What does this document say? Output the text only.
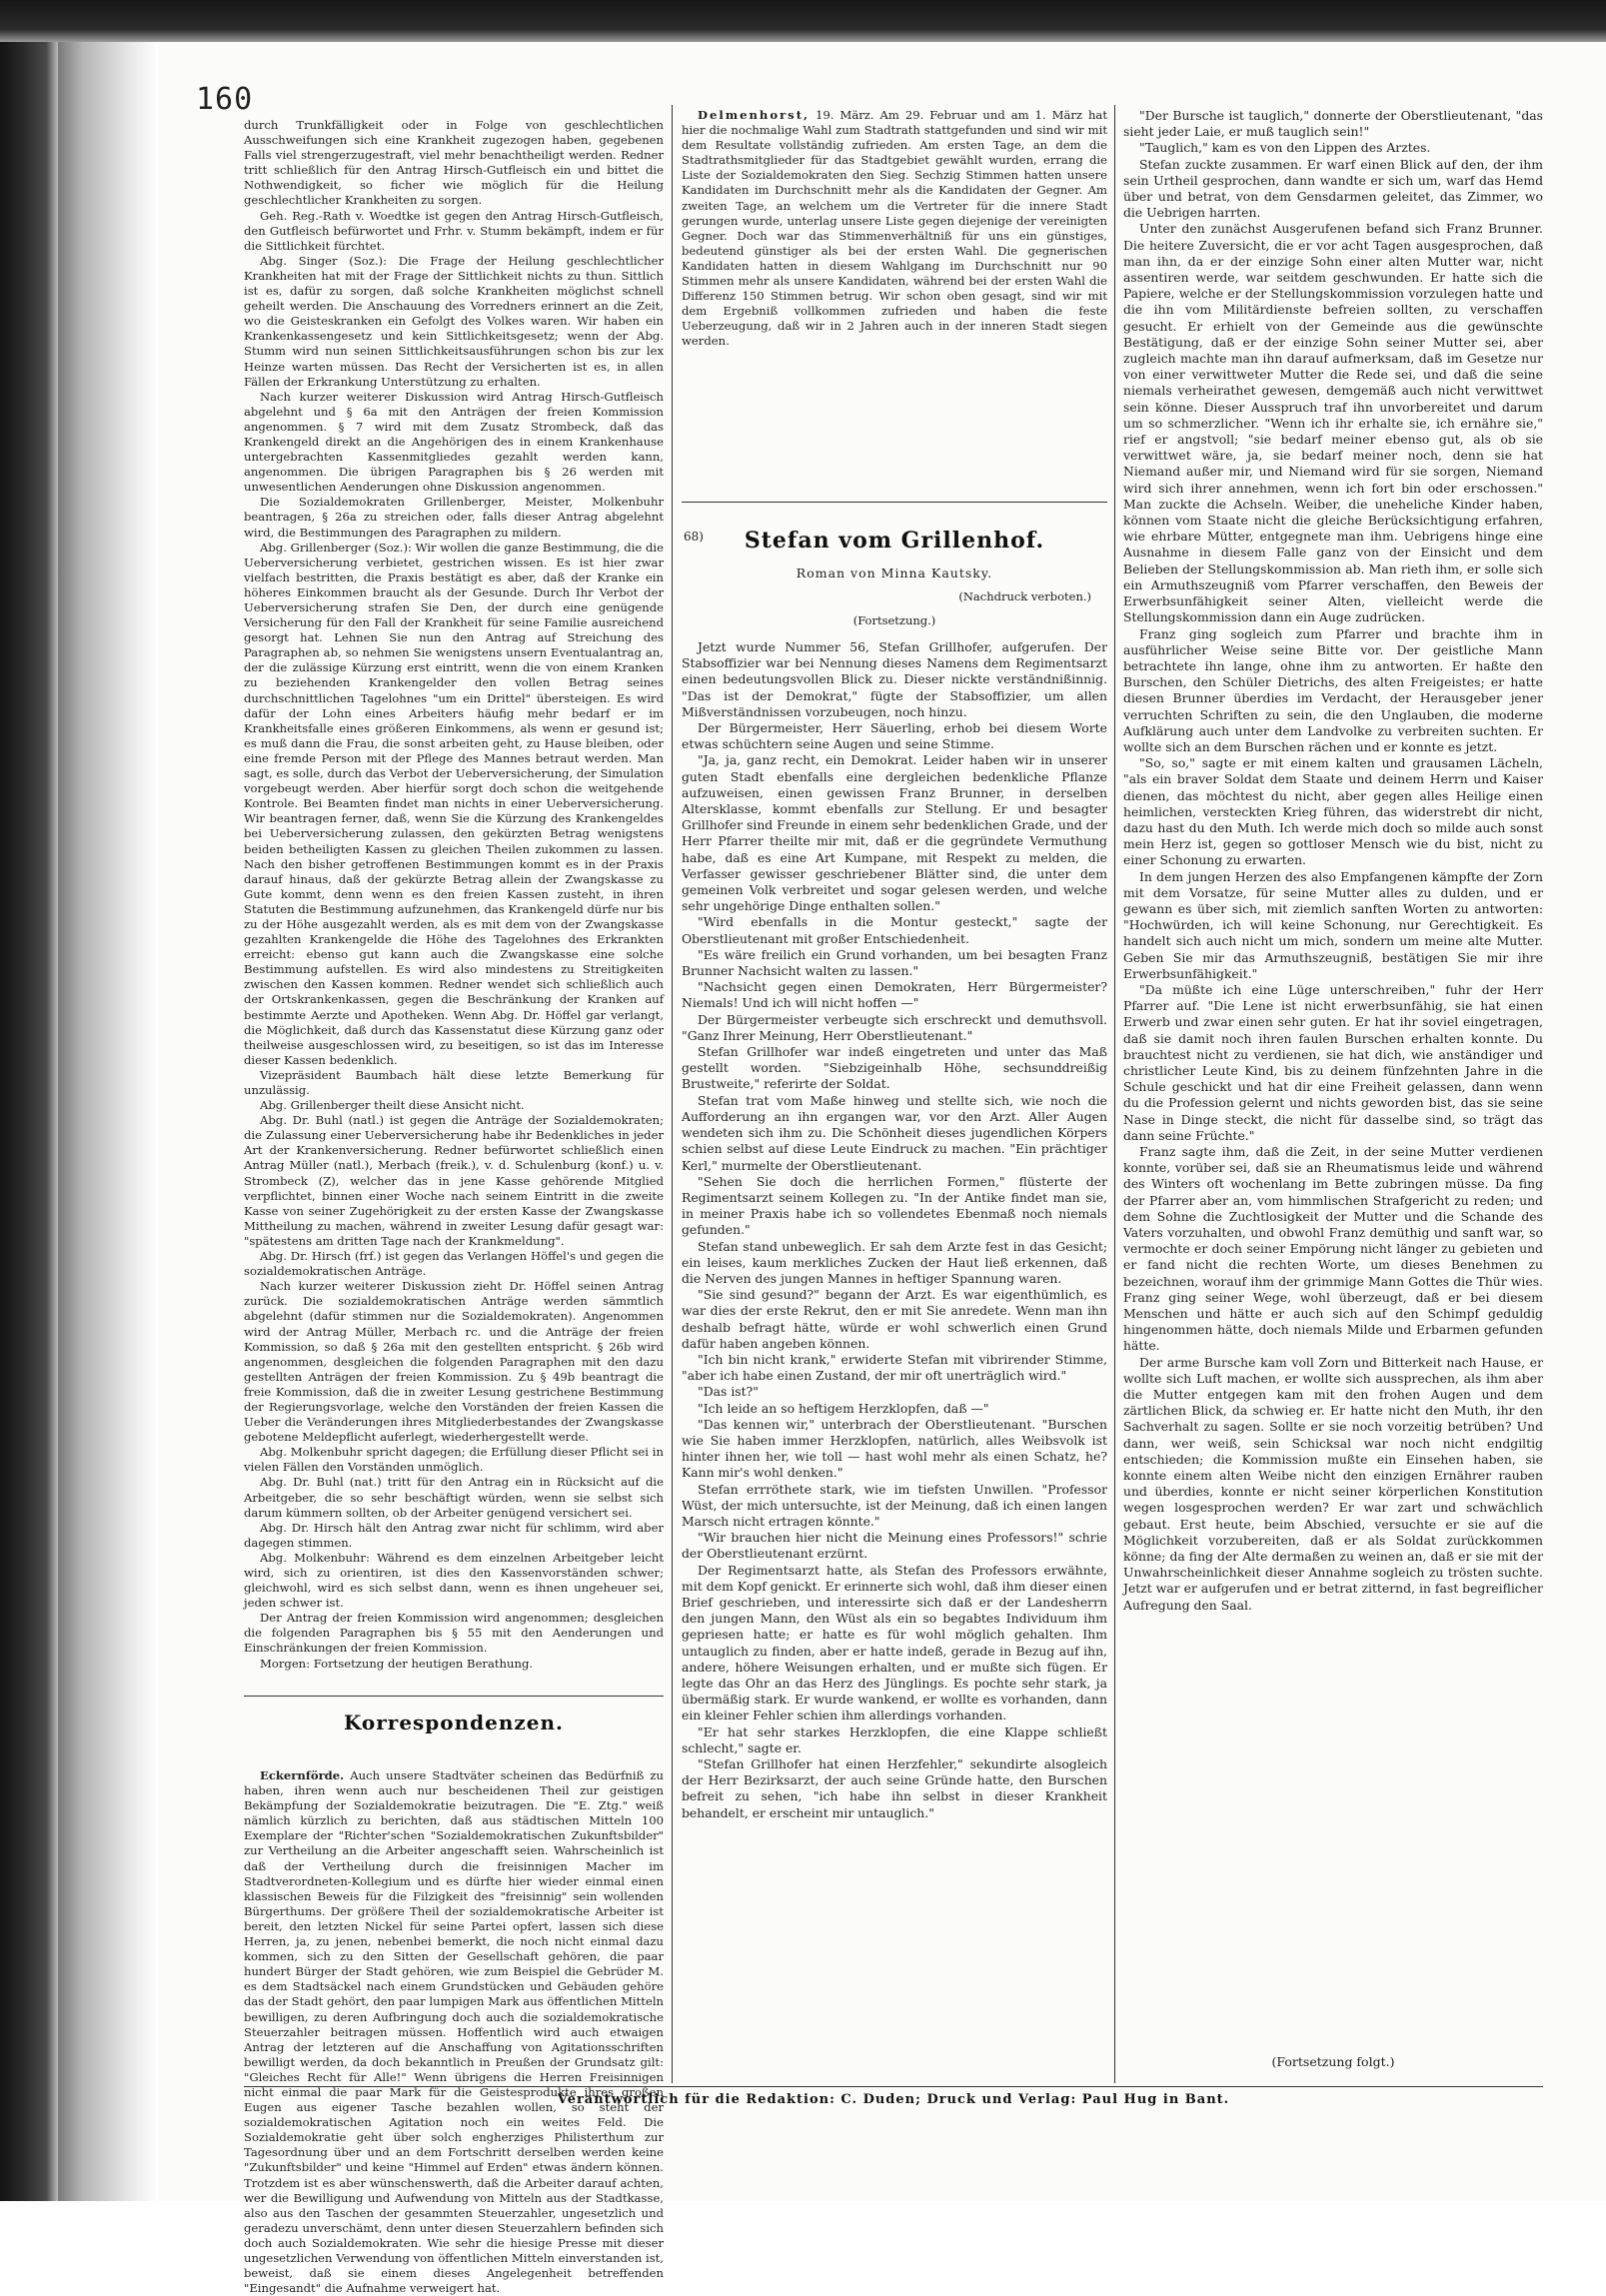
160

durch Trunkfälligkeit oder in Folge von geschlechtlichen Ausschweifungen sich eine Krankheit zugezogen haben, gegebenen Falls viel strengerzugestraft, viel mehr benachtheiligt werden. Redner tritt schließlich für den Antrag Hirsch-Gutfleisch ein und bittet die Nothwendigkeit, so ficher wie möglich für die Heilung geschlechtlicher Krankheiten zu sorgen.

Geh. Reg.-Rath v. Woedtke ist gegen den Antrag Hirsch-Gutfleisch, den Gutfleisch befürwortet und Frhr. v. Stumm bekämpft, indem er für die Sittlichkeit fürchtet.

Abg. Singer (Soz.): Die Frage der Heilung geschlechtlicher Krankheiten hat mit der Frage der Sittlichkeit nichts zu thun. Sittlich ist es, dafür zu sorgen, daß solche Krankheiten möglichst schnell geheilt werden. Die Anschauung des Vorredners erinnert an die Zeit, wo die Geisteskranken ein Gefolgt des Volkes waren. Wir haben ein Krankenkassengesetz und kein Sittlichkeitsgesetz; wenn der Abg. Stumm wird nun seinen Sittlichkeitsausführungen schon bis zur lex Heinze warten müssen. Das Recht der Versicherten ist es, in allen Fällen der Erkrankung Unterstützung zu erhalten.

Nach kurzer weiterer Diskussion wird Antrag Hirsch-Gutfleisch abgelehnt und § 6a mit den Anträgen der freien Kommission angenommen. § 7 wird mit dem Zusatz Strombeck, daß das Krankengeld direkt an die Angehörigen des in einem Krankenhause untergebrachten Kassenmitgliedes gezahlt werden kann, angenommen. Die übrigen Paragraphen bis § 26 werden mit unwesentlichen Aenderungen ohne Diskussion angenommen.

Die Sozialdemokraten Grillenberger, Meister, Molkenbuhr beantragen, § 26a zu streichen oder, falls dieser Antrag abgelehnt wird, die Bestimmungen des Paragraphen zu mildern.

Abg. Grillenberger (Soz.): Wir wollen die ganze Bestimmung, die die Ueberversicherung verbietet, gestrichen wissen. Es ist hier zwar vielfach bestritten, die Praxis bestätigt es aber, daß der Kranke ein höheres Einkommen braucht als der Gesunde. Durch Ihr Verbot der Ueberversicherung strafen Sie Den, der durch eine genügende Versicherung für den Fall der Krankheit für seine Familie ausreichend gesorgt hat. Lehnen Sie nun den Antrag auf Streichung des Paragraphen ab, so nehmen Sie wenigstens unsern Eventualantrag an, der die zulässige Kürzung erst eintritt, wenn die von einem Kranken zu beziehenden Krankengelder den vollen Betrag seines durchschnittlichen Tagelohnes "um ein Drittel" übersteigen. Es wird dafür der Lohn eines Arbeiters häufig mehr bedarf er im Krankheitsfalle eines größeren Einkommens, als wenn er gesund ist; es muß dann die Frau, die sonst arbeiten geht, zu Hause bleiben, oder eine fremde Person mit der Pflege des Mannes betraut werden. Man sagt, es solle, durch das Verbot der Ueberversicherung, der Simulation vorgebeugt werden. Aber hierfür sorgt doch schon die weitgehende Kontrole. Bei Beamten findet man nichts in einer Ueberversicherung. Wir beantragen ferner, daß, wenn Sie die Kürzung des Krankengeldes bei Ueberversicherung zulassen, den gekürzten Betrag wenigstens beiden betheiligten Kassen zu gleichen Theilen zukommen zu lassen. Nach den bisher getroffenen Bestimmungen kommt es in der Praxis darauf hinaus, daß der gekürzte Betrag allein der Zwangskasse zu Gute kommt, denn wenn es den freien Kassen zusteht, in ihren Statuten die Bestimmung aufzunehmen, das Krankengeld dürfe nur bis zu der Höhe ausgezahlt werden, als es mit dem von der Zwangskasse gezahlten Krankengelde die Höhe des Tagelohnes des Erkrankten erreicht: ebenso gut kann auch die Zwangskasse eine solche Bestimmung aufstellen. Es wird also mindestens zu Streitigkeiten zwischen den Kassen kommen. Redner wendet sich schließlich auch der Ortskrankenkassen, gegen die Beschränkung der Kranken auf bestimmte Aerzte und Apotheken. Wenn Abg. Dr. Höffel gar verlangt, die Möglichkeit, daß durch das Kassenstatut diese Kürzung ganz oder theilweise ausgeschlossen wird, zu beseitigen, so ist das im Interesse dieser Kassen bedenklich.

Vizepräsident Baumbach hält diese letzte Bemerkung für unzulässig.

Abg. Grillenberger theilt diese Ansicht nicht.

Abg. Dr. Buhl (natl.) ist gegen die Anträge der Sozialdemokraten; die Zulassung einer Ueberversicherung habe ihr Bedenkliches in jeder Art der Krankenversicherung. Redner befürwortet schließlich einen Antrag Müller (natl.), Merbach (freik.), v. d. Schulenburg (konf.) u. v. Strombeck (Z), welcher das in jene Kasse gehörende Mitglied verpflichtet, binnen einer Woche nach seinem Eintritt in die zweite Kasse von seiner Zugehörigkeit zu der ersten Kasse der Zwangskasse Mittheilung zu machen, während in zweiter Lesung dafür gesagt war: "spätestens am dritten Tage nach der Krankmeldung".

Abg. Dr. Hirsch (frf.) ist gegen das Verlangen Höffel's und gegen die sozialdemokratischen Anträge.

Nach kurzer weiterer Diskussion zieht Dr. Höffel seinen Antrag zurück. Die sozialdemokratischen Anträge werden sämmtlich abgelehnt (dafür stimmen nur die Sozialdemokraten). Angenommen wird der Antrag Müller, Merbach rc. und die Anträge der freien Kommission, so daß § 26a mit den gestellten entspricht. § 26b wird angenommen, desgleichen die folgenden Paragraphen mit den dazu gestellten Anträgen der freien Kommission. Zu § 49b beantragt die freie Kommission, daß die in zweiter Lesung gestrichene Bestimmung der Regierungsvorlage, welche den Vorständen der freien Kassen die Ueber die Veränderungen ihres Mitgliederbestandes der Zwangskasse gebotene Meldepflicht auferlegt, wiederhergestellt werde.

Abg. Molkenbuhr spricht dagegen; die Erfüllung dieser Pflicht sei in vielen Fällen den Vorständen unmöglich.

Abg. Dr. Buhl (nat.) tritt für den Antrag ein in Rücksicht auf die Arbeitgeber, die so sehr beschäftigt würden, wenn sie selbst sich darum kümmern sollten, ob der Arbeiter genügend versichert sei.

Abg. Dr. Hirsch hält den Antrag zwar nicht für schlimm, wird aber dagegen stimmen.

Abg. Molkenbuhr: Während es dem einzelnen Arbeitgeber leicht wird, sich zu orientiren, ist dies den Kassenvorständen schwer; gleichwohl, wird es sich selbst dann, wenn es ihnen ungeheuer sei, jeden schwer ist.

Der Antrag der freien Kommission wird angenommen; desgleichen die folgenden Paragraphen bis § 55 mit den Aenderungen und Einschränkungen der freien Kommission.

Morgen: Fortsetzung der heutigen Berathung.

Korrespondenzen.

Eckernförde. Auch unsere Stadtväter scheinen das Bedürfniß zu haben, ihren wenn auch nur bescheidenen Theil zur geistigen Bekämpfung der Sozialdemokratie beizutragen. Die "E. Ztg." weiß nämlich kürzlich zu berichten, daß aus städtischen Mitteln 100 Exemplare der "Richter'schen "Sozialdemokratischen Zukunftsbilder" zur Vertheilung an die Arbeiter angeschafft seien. Wahrscheinlich ist daß der Vertheilung durch die freisinnigen Macher im Stadtverordneten-Kollegium und es dürfte hier wieder einmal einen klassischen Beweis für die Filzigkeit des "freisinnig" sein wollenden Bürgerthums. Der größere Theil der sozialdemokratische Arbeiter ist bereit, den letzten Nickel für seine Partei opfert, lassen sich diese Herren, ja, zu jenen, nebenbei bemerkt, die noch nicht einmal dazu kommen, sich zu den Sitten der Gesellschaft gehören, die paar hundert Bürger der Stadt gehören, wie zum Beispiel die Gebrüder M. es dem Stadtsäckel nach einem Grundstücken und Gebäuden gehöre das der Stadt gehört, den paar lumpigen Mark aus öffentlichen Mitteln bewilligen, zu deren Aufbringung doch auch die sozialdemokratische Steuerzahler beitragen müssen. Hoffentlich wird auch etwaigen Antrag der letzteren auf die Anschaffung von Agitationsschriften bewilligt werden, da doch bekanntlich in Preußen der Grundsatz gilt: "Gleiches Recht für Alle!" Wenn übrigens die Herren Freisinnigen nicht einmal die paar Mark für die Geistesprodukte ihres großen Eugen aus eigener Tasche bezahlen wollen, so steht der sozialdemokratischen Agitation noch ein weites Feld. Die Sozialdemokratie geht über solch engherziges Philisterthum zur Tagesordnung über und an dem Fortschritt derselben werden keine "Zukunftsbilder" und keine "Himmel auf Erden" etwas ändern können. Trotzdem ist es aber wünschenswerth, daß die Arbeiter darauf achten, wer die Bewilligung und Aufwendung von Mitteln aus der Stadtkasse, also aus den Taschen der gesammten Steuerzahler, ungesetzlich und geradezu unverschämt, denn unter diesen Steuerzahlern befinden sich doch auch Sozialdemokraten. Wie sehr die hiesige Presse mit dieser ungesetzlichen Verwendung von öffentlichen Mitteln einverstanden ist, beweist, daß sie einem dieses Angelegenheit betreffenden "Eingesandt" die Aufnahme verweigert hat.

Delmenhorst, 19. März. Am 29. Februar und am 1. März hat hier die nochmalige Wahl zum Stadtrath stattgefunden und sind wir mit dem Resultate vollständig zufrieden. Am ersten Tage, an dem die Stadtrathsmitglieder für das Stadtgebiet gewählt wurden, errang die Liste der Sozialdemokraten den Sieg. Sechzig Stimmen hatten unsere Kandidaten im Durchschnitt mehr als die Kandidaten der Gegner. Am zweiten Tage, an welchem um die Vertreter für die innere Stadt gerungen wurde, unterlag unsere Liste gegen diejenige der vereinigten Gegner. Doch war das Stimmenverhältniß für uns ein günstiges, bedeutend günstiger als bei der ersten Wahl. Die gegnerischen Kandidaten hatten in diesem Wahlgang im Durchschnitt nur 90 Stimmen mehr als unsere Kandidaten, während bei der ersten Wahl die Differenz 150 Stimmen betrug. Wir schon oben gesagt, sind wir mit dem Ergebniß vollkommen zufrieden und haben die feste Ueberzeugung, daß wir in 2 Jahren auch in der inneren Stadt siegen werden.

68)	Stefan vom Grillenhof.
Roman von Minna Kautsky.
(Nachdruck verboten.)
(Fortsetzung.)

Jetzt wurde Nummer 56, Stefan Grillhofer, aufgerufen. Der Stabsoffizier war bei Nennung dieses Namens dem Regimentsarzt einen bedeutungsvollen Blick zu. Dieser nickte verständnißinnig. "Das ist der Demokrat," fügte der Stabsoffizier, um allen Mißverständnissen vorzubeugen, noch hinzu.

Der Bürgermeister, Herr Säuerling, erhob bei diesem Worte etwas schüchtern seine Augen und seine Stimme.

"Ja, ja, ganz recht, ein Demokrat. Leider haben wir in unserer guten Stadt ebenfalls eine dergleichen bedenkliche Pflanze aufzuweisen, einen gewissen Franz Brunner, in derselben Altersklasse, kommt ebenfalls zur Stellung. Er und besagter Grillhofer sind Freunde in einem sehr bedenklichen Grade, und der Herr Pfarrer theilte mir mit, daß er die gegründete Vermuthung habe, daß es eine Art Kumpane, mit Respekt zu melden, die Verfasser gewisser geschriebener Blätter sind, die unter dem gemeinen Volk verbreitet und sogar gelesen werden, und welche sehr ungehörige Dinge enthalten sollen."

"Wird ebenfalls in die Montur gesteckt," sagte der Oberstlieutenant mit großer Entschiedenheit.

"Es wäre freilich ein Grund vorhanden, um bei besagten Franz Brunner Nachsicht walten zu lassen."

"Nachsicht gegen einen Demokraten, Herr Bürgermeister? Niemals! Und ich will nicht hoffen —"

Der Bürgermeister verbeugte sich erschreckt und demuthsvoll. "Ganz Ihrer Meinung, Herr Oberstlieutenant."

Stefan Grillhofer war indeß eingetreten und unter das Maß gestellt worden. "Siebzigeinhalb Höhe, sechsunddreißig Brustweite," referirte der Soldat.

Stefan trat vom Maße hinweg und stellte sich, wie noch die Aufforderung an ihn ergangen war, vor den Arzt. Aller Augen wendeten sich ihm zu. Die Schönheit dieses jugendlichen Körpers schien selbst auf diese Leute Eindruck zu machen. "Ein prächtiger Kerl," murmelte der Oberstlieutenant.

"Sehen Sie doch die herrlichen Formen," flüsterte der Regimentsarzt seinem Kollegen zu. "In der Antike findet man sie, in meiner Praxis habe ich so vollendetes Ebenmaß noch niemals gefunden."

Stefan stand unbeweglich. Er sah dem Arzte fest in das Gesicht; ein leises, kaum merkliches Zucken der Haut ließ erkennen, daß die Nerven des jungen Mannes in heftiger Spannung waren.

"Sie sind gesund?" begann der Arzt. Es war eigenthümlich, es war dies der erste Rekrut, den er mit Sie anredete. Wenn man ihn deshalb befragt hätte, würde er wohl schwerlich einen Grund dafür haben angeben können.

"Ich bin nicht krank," erwiderte Stefan mit vibrirender Stimme, "aber ich habe einen Zustand, der mir oft unerträglich wird."

"Das ist?"

"Ich leide an so heftigem Herzklopfen, daß —"

"Das kennen wir," unterbrach der Oberstlieutenant. "Burschen wie Sie haben immer Herzklopfen, natürlich, alles Weibsvolk ist hinter ihnen her, wie toll — hast wohl mehr als einen Schatz, he? Kann mir's wohl denken."

Stefan errröthete stark, wie im tiefsten Unwillen. "Professor Wüst, der mich untersuchte, ist der Meinung, daß ich einen langen Marsch nicht ertragen könnte."

"Wir brauchen hier nicht die Meinung eines Professors!" schrie der Oberstlieutenant erzürnt.

Der Regimentsarzt hatte, als Stefan des Professors erwähnte, mit dem Kopf genickt. Er erinnerte sich wohl, daß ihm dieser einen Brief geschrieben, und interessirte sich daß er der Landesherrn den jungen Mann, den Wüst als ein so begabtes Individuum ihm gepriesen hatte; er hatte es für wohl möglich gehalten. Ihm untauglich zu finden, aber er hatte indeß, gerade in Bezug auf ihn, andere, höhere Weisungen erhalten, und er mußte sich fügen. Er legte das Ohr an das Herz des Jünglings. Es pochte sehr stark, ja übermäßig stark. Er wurde wankend, er wollte es vorhanden, dann ein kleiner Fehler schien ihm allerdings vorhanden.

"Er hat sehr starkes Herzklopfen, die eine Klappe schließt schlecht," sagte er.

"Stefan Grillhofer hat einen Herzfehler," sekundirte alsogleich der Herr Bezirksarzt, der auch seine Gründe hatte, den Burschen befreit zu sehen, "ich habe ihn selbst in dieser Krankheit behandelt, er erscheint mir untauglich."

"Der Bursche ist tauglich," donnerte der Oberstlieutenant, "das sieht jeder Laie, er muß tauglich sein!"

"Tauglich," kam es von den Lippen des Arztes.

Stefan zuckte zusammen. Er warf einen Blick auf den, der ihm sein Urtheil gesprochen, dann wandte er sich um, warf das Hemd über und betrat, von dem Gensdarmen geleitet, das Zimmer, wo die Uebrigen harrten.

Unter den zunächst Ausgerufenen befand sich Franz Brunner. Die heitere Zuversicht, die er vor acht Tagen ausgesprochen, daß man ihn, da er der einzige Sohn einer alten Mutter war, nicht assentiren werde, war seitdem geschwunden. Er hatte sich die Papiere, welche er der Stellungskommission vorzulegen hatte und die ihn vom Militärdienste befreien sollten, zu verschaffen gesucht. Er erhielt von der Gemeinde aus die gewünschte Bestätigung, daß er der einzige Sohn seiner Mutter sei, aber zugleich machte man ihn darauf aufmerksam, daß im Gesetze nur von einer verwittweter Mutter die Rede sei, und daß die seine niemals verheirathet gewesen, demgemäß auch nicht verwittwet sein könne. Dieser Ausspruch traf ihn unvorbereitet und darum um so schmerzlicher. "Wenn ich ihr erhalte sie, ich ernähre sie," rief er angstvoll; "sie bedarf meiner ebenso gut, als ob sie verwittwet wäre, ja, sie bedarf meiner noch, denn sie hat Niemand außer mir, und Niemand wird für sie sorgen, Niemand wird sich ihrer annehmen, wenn ich fort bin oder erschossen." Man zuckte die Achseln. Weiber, die uneheliche Kinder haben, können vom Staate nicht die gleiche Berücksichtigung erfahren, wie ehrbare Mütter, entgegnete man ihm. Uebrigens hinge eine Ausnahme in diesem Falle ganz von der Einsicht und dem Belieben der Stellungskommission ab. Man rieth ihm, er solle sich ein Armuthszeugniß vom Pfarrer verschaffen, den Beweis der Erwerbsunfähigkeit seiner Alten, vielleicht werde die Stellungskommission dann ein Auge zudrücken.

Franz ging sogleich zum Pfarrer und brachte ihm in ausführlicher Weise seine Bitte vor. Der geistliche Mann betrachtete ihn lange, ohne ihm zu antworten. Er haßte den Burschen, den Schüler Dietrichs, des alten Freigeistes; er hatte diesen Brunner überdies im Verdacht, der Herausgeber jener verruchten Schriften zu sein, die den Unglauben, die moderne Aufklärung auch unter dem Landvolke zu verbreiten suchten. Er wollte sich an dem Burschen rächen und er konnte es jetzt.

"So, so," sagte er mit einem kalten und grausamen Lächeln, "als ein braver Soldat dem Staate und deinem Herrn und Kaiser dienen, das möchtest du nicht, aber gegen alles Heilige einen heimlichen, versteckten Krieg führen, das widerstrebt dir nicht, dazu hast du den Muth. Ich werde mich doch so milde auch sonst mein Herz ist, gegen so gottloser Mensch wie du bist, nicht zu einer Schonung zu erwarten.

In dem jungen Herzen des also Empfangenen kämpfte der Zorn mit dem Vorsatze, für seine Mutter alles zu dulden, und er gewann es über sich, mit ziemlich sanften Worten zu antworten: "Hochwürden, ich will keine Schonung, nur Gerechtigkeit. Es handelt sich auch nicht um mich, sondern um meine alte Mutter. Geben Sie mir das Armuthszeugniß, bestätigen Sie mir ihre Erwerbsunfähigkeit."

"Da müßte ich eine Lüge unterschreiben," fuhr der Herr Pfarrer auf. "Die Lene ist nicht erwerbsunfähig, sie hat einen Erwerb und zwar einen sehr guten. Er hat ihr soviel eingetragen, daß sie damit noch ihren faulen Burschen erhalten konnte. Du brauchtest nicht zu verdienen, sie hat dich, wie anständiger und christlicher Leute Kind, bis zu deinem fünfzehnten Jahre in die Schule geschickt und hat dir eine Freiheit gelassen, dann wenn du die Profession gelernt und nichts geworden bist, das sie seine Nase in Dinge steckt, die nicht für dasselbe sind, so trägt das dann seine Früchte."

Franz sagte ihm, daß die Zeit, in der seine Mutter verdienen konnte, vorüber sei, daß sie an Rheumatismus leide und während des Winters oft wochenlang im Bette zubringen müsse. Da fing der Pfarrer aber an, vom himmlischen Strafgericht zu reden; und dem Sohne die Zuchtlosigkeit der Mutter und die Schande des Vaters vorzuhalten, und obwohl Franz demüthig und sanft war, so vermochte er doch seiner Empörung nicht länger zu gebieten und er fand nicht die rechten Worte, um dieses Benehmen zu bezeichnen, worauf ihm der grimmige Mann Gottes die Thür wies. Franz ging seiner Wege, wohl überzeugt, daß er bei diesem Menschen und hätte er auch sich auf den Schimpf geduldig hingenommen hätte, doch niemals Milde und Erbarmen gefunden hätte.

Der arme Bursche kam voll Zorn und Bitterkeit nach Hause, er wollte sich Luft machen, er wollte sich aussprechen, als ihm aber die Mutter entgegen kam mit den frohen Augen und dem zärtlichen Blick, da schwieg er. Er hatte nicht den Muth, ihr den Sachverhalt zu sagen. Sollte er sie noch vorzeitig betrüben? Und dann, wer weiß, sein Schicksal war noch nicht endgiltig entschieden; die Kommission mußte ein Einsehen haben, sie konnte einem alten Weibe nicht den einzigen Ernährer rauben und überdies, konnte er nicht seiner körperlichen Konstitution wegen losgesprochen werden? Er war zart und schwächlich gebaut. Erst heute, beim Abschied, versuchte er sie auf die Möglichkeit vorzubereiten, daß er als Soldat zurückkommen könne; da fing der Alte dermaßen zu weinen an, daß er sie mit der Unwahrscheinlichkeit dieser Annahme sogleich zu trösten suchte. Jetzt war er aufgerufen und er betrat zitternd, in fast begreiflicher Aufregung den Saal.

(Fortsetzung folgt.)
Verantwortlich für die Redaktion: C. Duden; Druck und Verlag: Paul Hug in Bant.
